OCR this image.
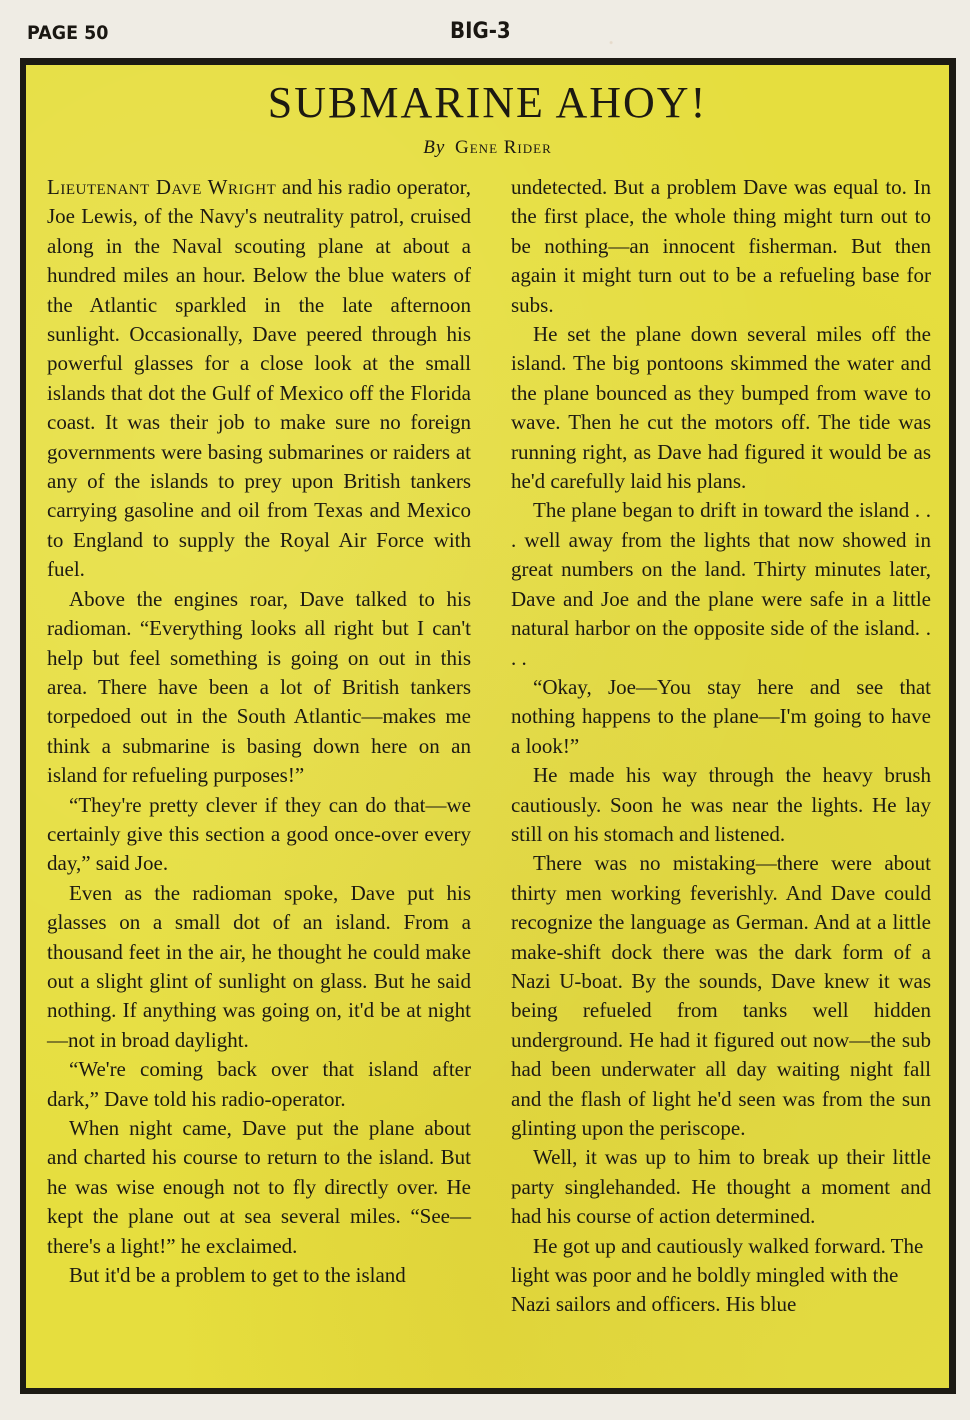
PAGE 50	BIG-3
SUBMARINE AHOY!
By Gene Rider

Lieutenant Dave Wright and his radio operator, Joe Lewis, of the Navy's neutrality patrol, cruised along in the Naval scouting plane at about a hundred miles an hour. Below the blue waters of the Atlantic sparkled in the late afternoon sunlight. Occasionally, Dave peered through his powerful glasses for a close look at the small islands that dot the Gulf of Mexico off the Florida coast. It was their job to make sure no foreign governments were basing submarines or raiders at any of the islands to prey upon British tankers carrying gasoline and oil from Texas and Mexico to England to supply the Royal Air Force with fuel.

Above the engines roar, Dave talked to his radioman. “Everything looks all right but I can't help but feel something is going on out in this area. There have been a lot of British tankers torpedoed out in the South Atlantic—makes me think a submarine is basing down here on an island for refueling purposes!”

“They're pretty clever if they can do that—we certainly give this section a good once-over every day,” said Joe.

Even as the radioman spoke, Dave put his glasses on a small dot of an island. From a thousand feet in the air, he thought he could make out a slight glint of sunlight on glass. But he said nothing. If anything was going on, it'd be at night—not in broad daylight.

“We're coming back over that island after dark,” Dave told his radio-operator.

When night came, Dave put the plane about and charted his course to return to the island. But he was wise enough not to fly directly over. He kept the plane out at sea several miles. “See—there's a light!” he exclaimed.

But it'd be a problem to get to the island

undetected. But a problem Dave was equal to. In the first place, the whole thing might turn out to be nothing—an innocent fisherman. But then again it might turn out to be a refueling base for subs.

He set the plane down several miles off the island. The big pontoons skimmed the water and the plane bounced as they bumped from wave to wave. Then he cut the motors off. The tide was running right, as Dave had figured it would be as he'd carefully laid his plans.

The plane began to drift in toward the island . . . well away from the lights that now showed in great numbers on the land. Thirty minutes later, Dave and Joe and the plane were safe in a little natural harbor on the opposite side of the island. . . .

“Okay, Joe—You stay here and see that nothing happens to the plane—I'm going to have a look!”

He made his way through the heavy brush cautiously. Soon he was near the lights. He lay still on his stomach and listened.

There was no mistaking—there were about thirty men working feverishly. And Dave could recognize the language as German. And at a little make-shift dock there was the dark form of a Nazi U-boat. By the sounds, Dave knew it was being refueled from tanks well hidden underground. He had it figured out now—the sub had been underwater all day waiting night fall and the flash of light he'd seen was from the sun glinting upon the periscope.

Well, it was up to him to break up their little party singlehanded. He thought a moment and had his course of action determined.

He got up and cautiously walked forward. The light was poor and he boldly mingled with the Nazi sailors and officers. His blue
